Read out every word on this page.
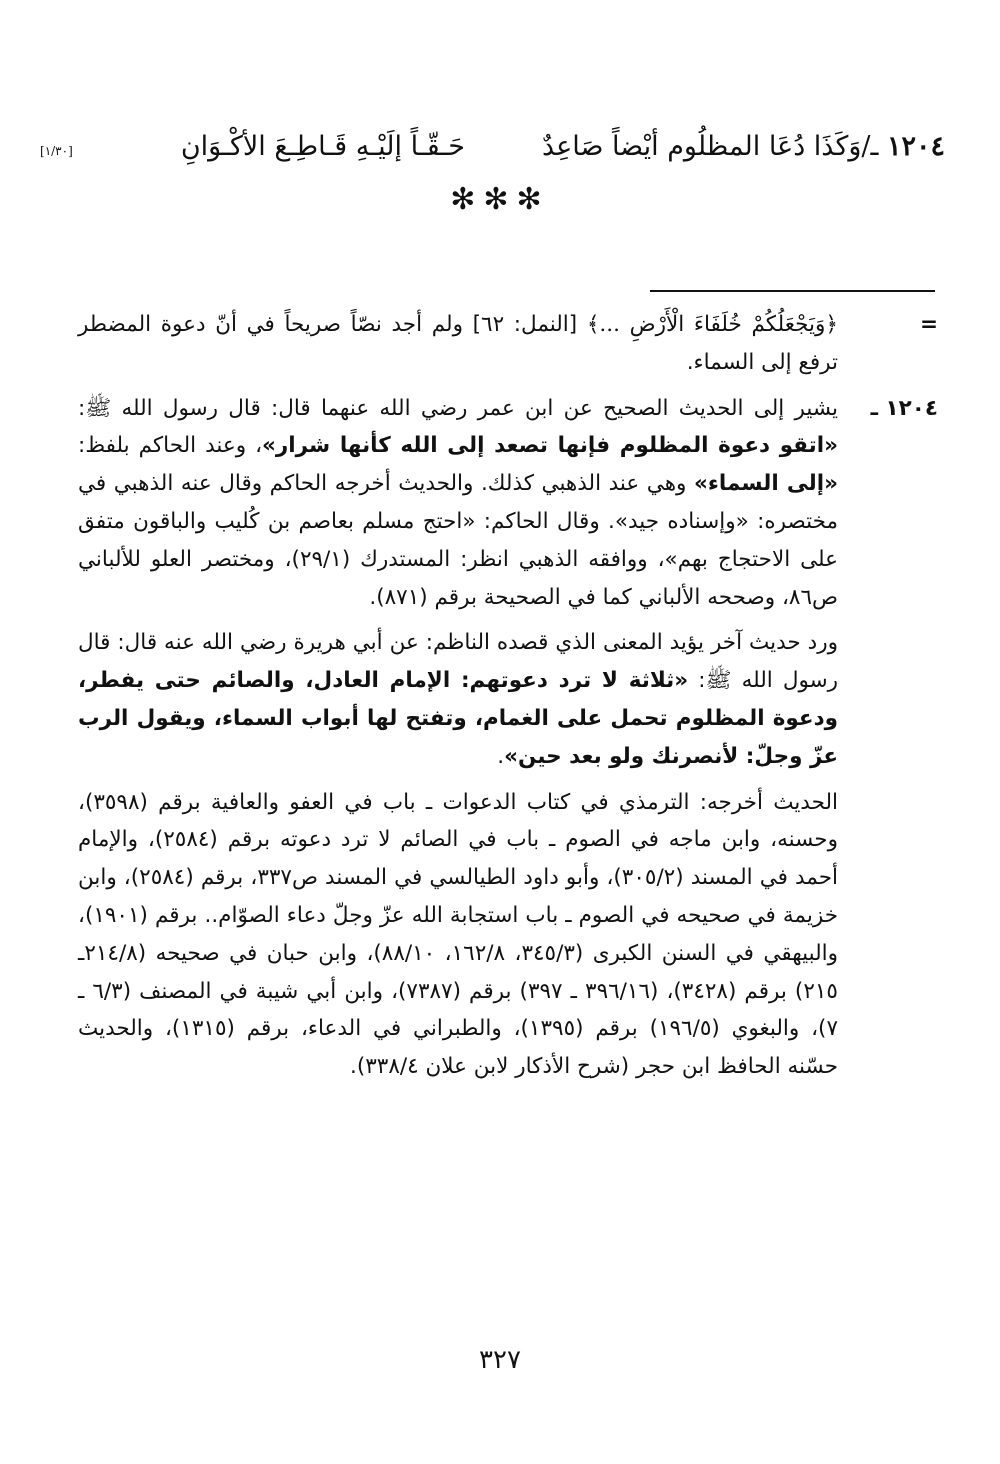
١٢٠٤ ـ/وَكَذَا دُعَا المظلُوم أيْضاً صَاعِدٌ
حَـقّـاً إلَيْـهِ قَـاطِـعَ الأكْـوَانِ
[١/٣٠]
✻✻✻
=

﴿وَيَجْعَلُكُمْ خُلَفَاءَ الْأَرْضِ ...﴾ [النمل: ٦٢] ولم أجد نصّاً صريحاً في أنّ دعوة المضطر ترفع إلى السماء.

١٢٠٤ ـ

يشير إلى الحديث الصحيح عن ابن عمر رضي الله عنهما قال: قال رسول الله ﷺ: «اتقو دعوة المظلوم فإنها تصعد إلى الله كأنها شرار»، وعند الحاكم بلفظ: «إلى السماء» وهي عند الذهبي كذلك. والحديث أخرجه الحاكم وقال عنه الذهبي في مختصره: «وإسناده جيد». وقال الحاكم: «احتج مسلم بعاصم بن كُليب والباقون متفق على الاحتجاج بهم»، ووافقه الذهبي انظر: المستدرك (٢٩/١)، ومختصر العلو للألباني ص٨٦، وصححه الألباني كما في الصحيحة برقم (٨٧١).

ورد حديث آخر يؤيد المعنى الذي قصده الناظم: عن أبي هريرة رضي الله عنه قال: قال رسول الله ﷺ: «ثلاثة لا ترد دعوتهم: الإمام العادل، والصائم حتى يفطر، ودعوة المظلوم تحمل على الغمام، وتفتح لها أبواب السماء، ويقول الرب عزّ وجلّ: لأنصرنك ولو بعد حين».

الحديث أخرجه: الترمذي في كتاب الدعوات ـ باب في العفو والعافية برقم (٣٥٩٨)، وحسنه، وابن ماجه في الصوم ـ باب في الصائم لا ترد دعوته برقم (٢٥٨٤)، والإمام أحمد في المسند (٣٠٥/٢)، وأبو داود الطيالسي في المسند ص٣٣٧، برقم (٢٥٨٤)، وابن خزيمة في صحيحه في الصوم ـ باب استجابة الله عزّ وجلّ دعاء الصوّام.. برقم (١٩٠١)، والبيهقي في السنن الكبرى (٣٤٥/٣، ١٦٢/٨، ٨٨/١٠)، وابن حبان في صحيحه (٢١٤/٨ـ ٢١٥) برقم (٣٤٢٨)، (٣٩٦/١٦ ـ ٣٩٧) برقم (٧٣٨٧)، وابن أبي شيبة في المصنف (٦/٣ ـ ٧)، والبغوي (١٩٦/٥) برقم (١٣٩٥)، والطبراني في الدعاء، برقم (١٣١٥)، والحديث حسّنه الحافظ ابن حجر (شرح الأذكار لابن علان ٣٣٨/٤).

٣٢٧
